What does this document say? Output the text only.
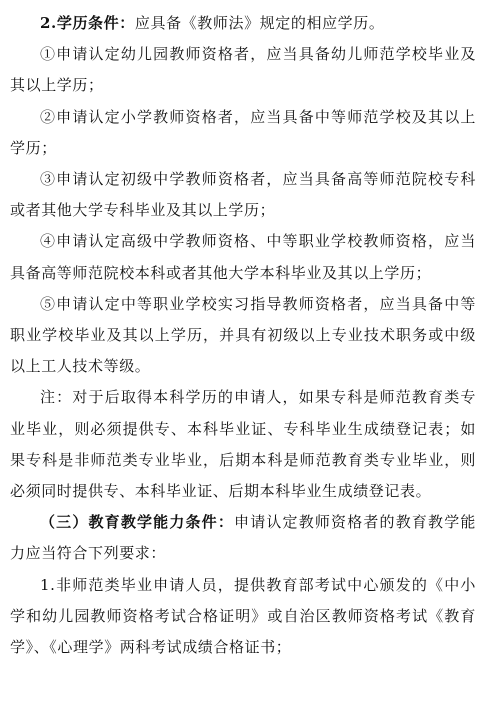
2.学历条件：应具备《教师法》规定的相应学历。

①申请认定幼儿园教师资格者，应当具备幼儿师范学校毕业及其以上学历；

②申请认定小学教师资格者，应当具备中等师范学校及其以上学历；

③申请认定初级中学教师资格者，应当具备高等师范院校专科或者其他大学专科毕业及其以上学历；

④申请认定高级中学教师资格、中等职业学校教师资格，应当具备高等师范院校本科或者其他大学本科毕业及其以上学历；

⑤申请认定中等职业学校实习指导教师资格者，应当具备中等职业学校毕业及其以上学历，并具有初级以上专业技术职务或中级以上工人技术等级。

注：对于后取得本科学历的申请人，如果专科是师范教育类专业毕业，则必须提供专、本科毕业证、专科毕业生成绩登记表；如果专科是非师范类专业毕业，后期本科是师范教育类专业毕业，则必须同时提供专、本科毕业证、后期本科毕业生成绩登记表。

（三）教育教学能力条件：申请认定教师资格者的教育教学能力应当符合下列要求：

1.非师范类毕业申请人员，提供教育部考试中心颁发的《中小学和幼儿园教师资格考试合格证明》或自治区教师资格考试《教育学》、《心理学》两科考试成绩合格证书；
